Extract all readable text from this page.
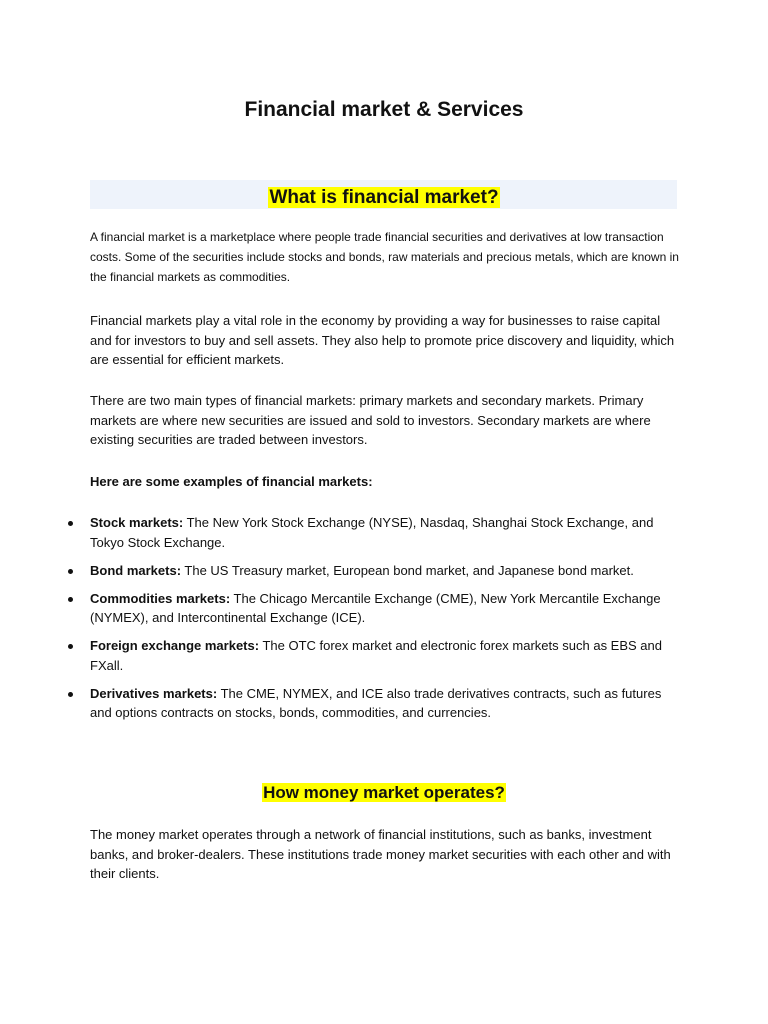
Financial market & Services
What is financial market?

A financial market is a marketplace where people trade financial securities and derivatives at low transaction costs. Some of the securities include stocks and bonds, raw materials and precious metals, which are known in the financial markets as commodities.

Financial markets play a vital role in the economy by providing a way for businesses to raise capital and for investors to buy and sell assets. They also help to promote price discovery and liquidity, which are essential for efficient markets.

There are two main types of financial markets: primary markets and secondary markets. Primary markets are where new securities are issued and sold to investors. Secondary markets are where existing securities are traded between investors.

Here are some examples of financial markets:

Stock markets: The New York Stock Exchange (NYSE), Nasdaq, Shanghai Stock Exchange, and Tokyo Stock Exchange.
Bond markets: The US Treasury market, European bond market, and Japanese bond market.
Commodities markets: The Chicago Mercantile Exchange (CME), New York Mercantile Exchange (NYMEX), and Intercontinental Exchange (ICE).
Foreign exchange markets: The OTC forex market and electronic forex markets such as EBS and FXall.
Derivatives markets: The CME, NYMEX, and ICE also trade derivatives contracts, such as futures and options contracts on stocks, bonds, commodities, and currencies.
How money market operates?

The money market operates through a network of financial institutions, such as banks, investment banks, and broker-dealers. These institutions trade money market securities with each other and with their clients.
